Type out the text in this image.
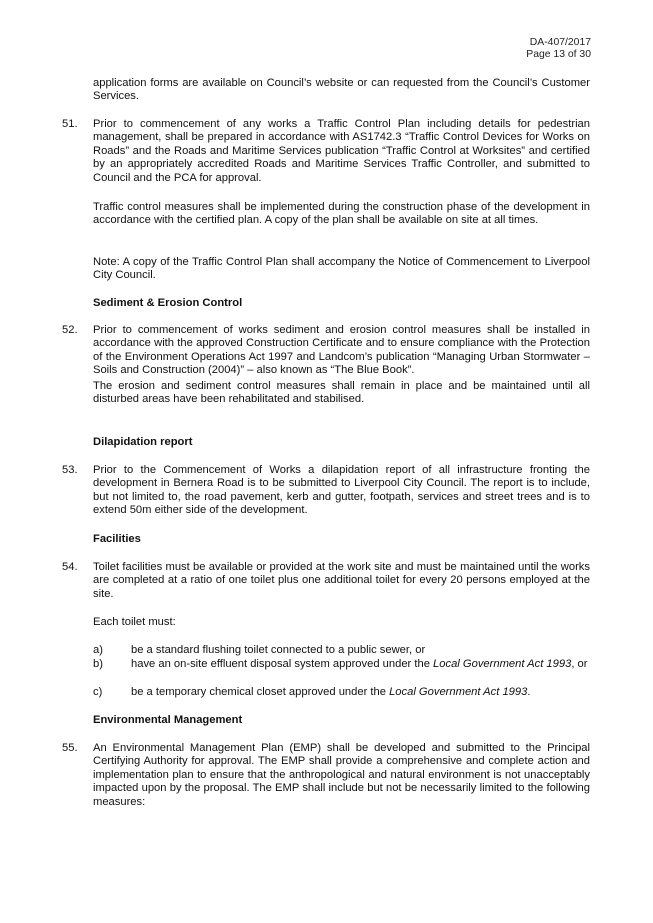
DA-407/2017
Page 13 of 30

application forms are available on Council’s website or can requested from the Council’s Customer Services.

51. Prior to commencement of any works a Traffic Control Plan including details for pedestrian management, shall be prepared in accordance with AS1742.3 “Traffic Control Devices for Works on Roads” and the Roads and Maritime Services publication “Traffic Control at Worksites” and certified by an appropriately accredited Roads and Maritime Services Traffic Controller, and submitted to Council and the PCA for approval.

Traffic control measures shall be implemented during the construction phase of the development in accordance with the certified plan. A copy of the plan shall be available on site at all times.

Note: A copy of the Traffic Control Plan shall accompany the Notice of Commencement to Liverpool City Council.

Sediment & Erosion Control
52. Prior to commencement of works sediment and erosion control measures shall be installed in accordance with the approved Construction Certificate and to ensure compliance with the Protection of the Environment Operations Act 1997 and Landcom’s publication “Managing Urban Stormwater – Soils and Construction (2004)” – also known as “The Blue Book”.

The erosion and sediment control measures shall remain in place and be maintained until all disturbed areas have been rehabilitated and stabilised.

Dilapidation report
53. Prior to the Commencement of Works a dilapidation report of all infrastructure fronting the development in Bernera Road is to be submitted to Liverpool City Council. The report is to include, but not limited to, the road pavement, kerb and gutter, footpath, services and street trees and is to extend 50m either side of the development.

Facilities
54. Toilet facilities must be available or provided at the work site and must be maintained until the works are completed at a ratio of one toilet plus one additional toilet for every 20 persons employed at the site.

Each toilet must:

a)	be a standard flushing toilet connected to a public sewer, or
b)	have an on-site effluent disposal system approved under the Local Government Act 1993, or
c)	be a temporary chemical closet approved under the Local Government Act 1993.
Environmental Management
55. An Environmental Management Plan (EMP) shall be developed and submitted to the Principal Certifying Authority for approval. The EMP shall provide a comprehensive and complete action and implementation plan to ensure that the anthropological and natural environment is not unacceptably impacted upon by the proposal. The EMP shall include but not be necessarily limited to the following measures:
